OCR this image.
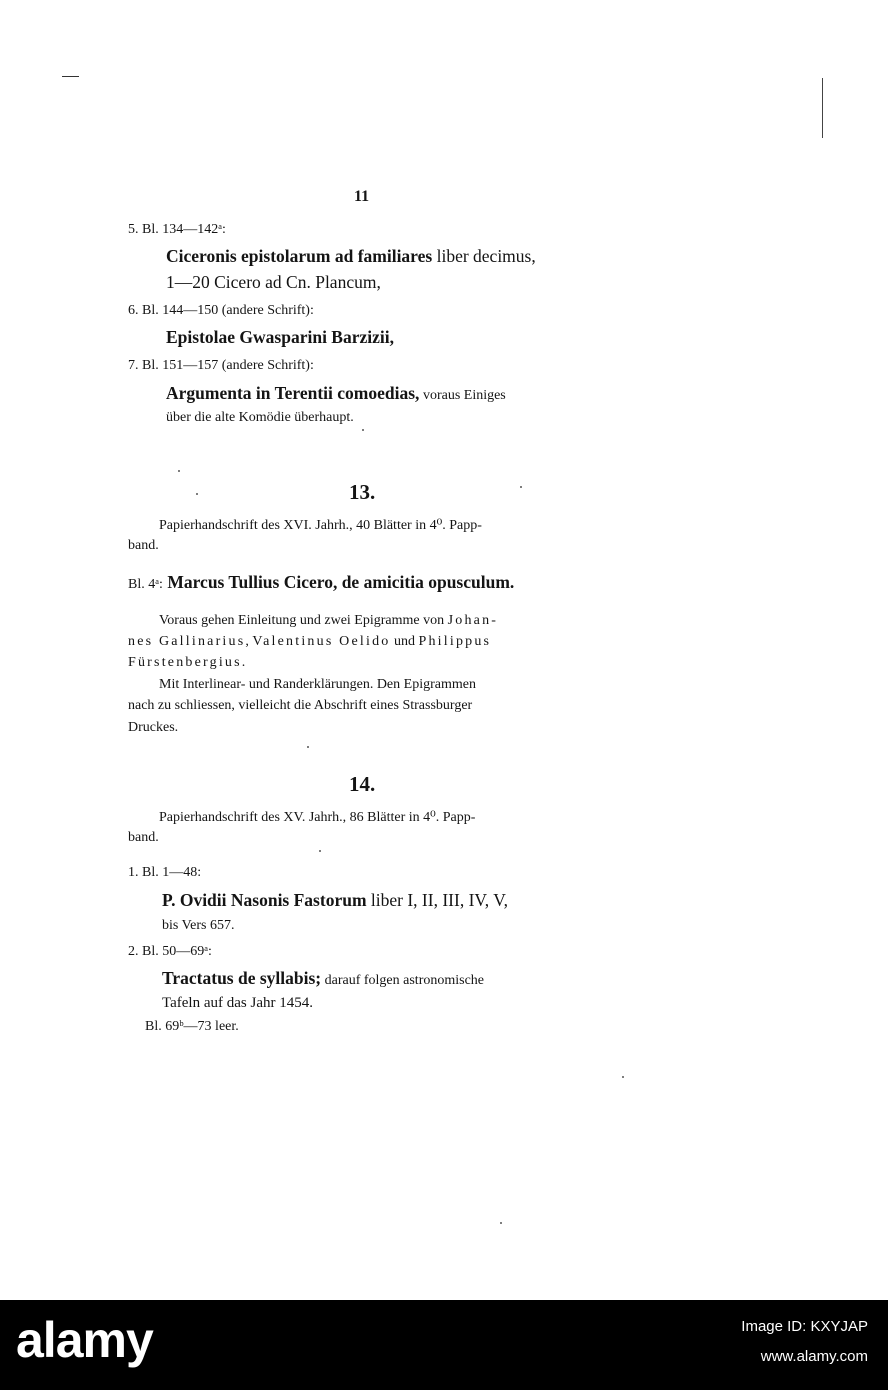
11
5. Bl. 134—142ᵃ:
Ciceronis epistolarum ad familiares liber decimus,
1—20 Cicero ad Cn. Plancum,
6. Bl. 144—150 (andere Schrift):
Epistolae Gwasparini Barzizii,
7. Bl. 151—157 (andere Schrift):
Argumenta in Terentii comoedias, voraus Einiges
über die alte Komödie überhaupt.
13.
Papierhandschrift des XVI. Jahrh., 40 Blätter in 4⁰. Papp-
band.
Bl. 4ᵃ: Marcus Tullius Cicero, de amicitia opusculum.
Voraus gehen Einleitung und zwei Epigramme von Johan-
nes Gallinarius, Valentinus Oelido und Philippus
Fürstenbergius.
Mit Interlinear- und Randerklärungen. Den Epigrammen
nach zu schliessen, vielleicht die Abschrift eines Strassburger
Druckes.
14.
Papierhandschrift des XV. Jahrh., 86 Blätter in 4⁰. Papp-
band.
1. Bl. 1—48:
P. Ovidii Nasonis Fastorum liber I, II, III, IV, V,
bis Vers 657.
2. Bl. 50—69ᵃ:
Tractatus de syllabis; darauf folgen astronomische
Tafeln auf das Jahr 1454.
Bl. 69ᵇ—73 leer.
alamy	Image ID: KXYJAP
www.alamy.com
